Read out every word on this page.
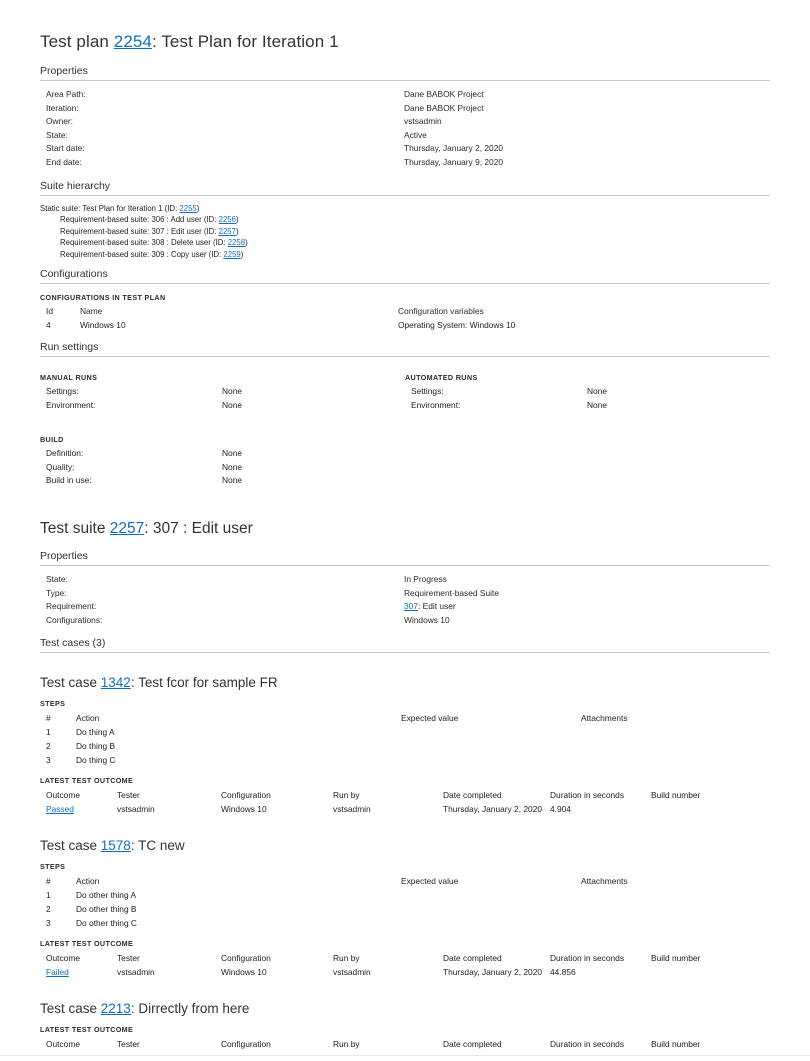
Test plan 2254: Test Plan for Iteration 1
Properties
Area Path:	Dane BABOK Project
Iteration:	Dane BABOK Project
Owner:	vstsadmin
State:	Active
Start date:	Thursday, January 2, 2020
End date:	Thursday, January 9, 2020
Suite hierarchy
Static suite: Test Plan for Iteration 1 (ID: 2255)
Requirement-based suite: 306 : Add user (ID: 2256)
Requirement-based suite: 307 : Edit user (ID: 2257)
Requirement-based suite: 308 : Delete user (ID: 2258)
Requirement-based suite: 309 : Copy user (ID: 2259)
Configurations
CONFIGURATIONS IN TEST PLAN
Id	Name	Configuration variables
4	Windows 10	Operating System: Windows 10
Run settings
MANUAL RUNS
Settings:	None
Environment:	None
AUTOMATED RUNS
Settings:	None
Environment:	None
BUILD
Definition:	None
Quality:	None
Build in use:	None
Test suite 2257: 307 : Edit user
Properties
State:	In Progress
Type:	Requirement-based Suite
Requirement:	307: Edit user
Configurations:	Windows 10
Test cases (3)
Test case 1342: Test fcor for sample FR
STEPS
#	Action	Expected value	Attachments
1	Do thing A
2	Do thing B
3	Do thing C
LATEST TEST OUTCOME
Outcome	Tester	Configuration	Run by	Date completed	Duration in seconds	Build number
Passed	vstsadmin	Windows 10	vstsadmin	Thursday, January 2, 2020 4.904
Test case 1578: TC new
STEPS
#	Action	Expected value	Attachments
1	Do other thing A
2	Do other thing B
3	Do other thing C
LATEST TEST OUTCOME
Outcome	Tester	Configuration	Run by	Date completed	Duration in seconds	Build number
Failed	vstsadmin	Windows 10	vstsadmin	Thursday, January 2, 2020 44.856
Test case 2213: Dirrectly from here
LATEST TEST OUTCOME
Outcome	Tester	Configuration	Run by	Date completed	Duration in seconds	Build number
